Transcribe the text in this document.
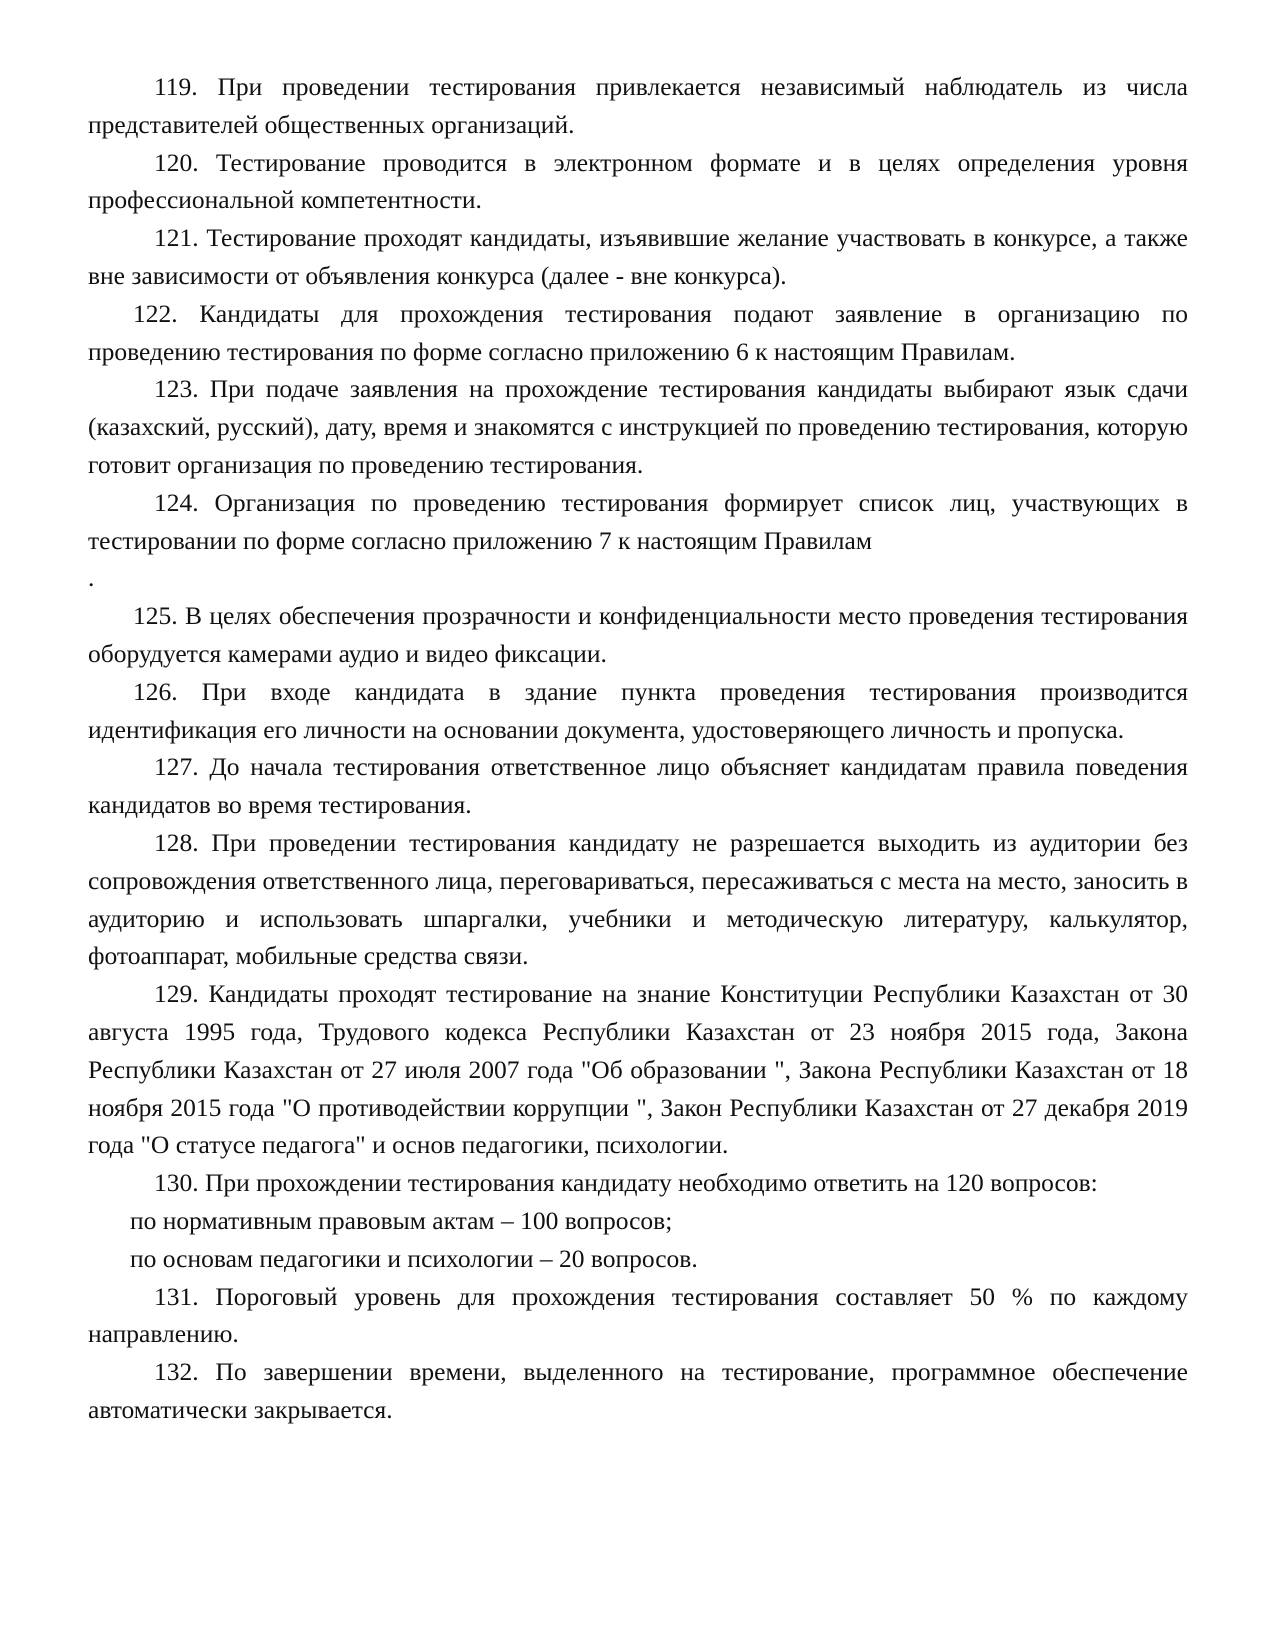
119. При проведении тестирования привлекается независимый наблюдатель из числа представителей общественных организаций.

120. Тестирование проводится в электронном формате и в целях определения уровня профессиональной компетентности.

121. Тестирование проходят кандидаты, изъявившие желание участвовать в конкурсе, а также вне зависимости от объявления конкурса (далее - вне конкурса).

122. Кандидаты для прохождения тестирования подают заявление в организацию по проведению тестирования по форме согласно приложению 6 к настоящим Правилам.

123. При подаче заявления на прохождение тестирования кандидаты выбирают язык сдачи (казахский, русский), дату, время и знакомятся с инструкцией по проведению тестирования, которую готовит организация по проведению тестирования.

124. Организация по проведению тестирования формирует список лиц, участвующих в тестировании по форме согласно приложению 7 к настоящим Правилам

.

125. В целях обеспечения прозрачности и конфиденциальности место проведения тестирования оборудуется камерами аудио и видео фиксации.

126. При входе кандидата в здание пункта проведения тестирования производится идентификация его личности на основании документа, удостоверяющего личность и пропуска.

127. До начала тестирования ответственное лицо объясняет кандидатам правила поведения кандидатов во время тестирования.

128. При проведении тестирования кандидату не разрешается выходить из аудитории без сопровождения ответственного лица, переговариваться, пересаживаться с места на место, заносить в аудиторию и использовать шпаргалки, учебники и методическую литературу, калькулятор, фотоаппарат, мобильные средства связи.

129. Кандидаты проходят тестирование на знание Конституции Республики Казахстан от 30 августа 1995 года, Трудового кодекса Республики Казахстан от 23 ноября 2015 года, Закона Республики Казахстан от 27 июля 2007 года "Об образовании ", Закона Республики Казахстан от 18 ноября 2015 года "О противодействии коррупции ", Закон Республики Казахстан от 27 декабря 2019 года "О статусе педагога" и основ педагогики, психологии.

130. При прохождении тестирования кандидату необходимо ответить на 120 вопросов:

по нормативным правовым актам – 100 вопросов;

по основам педагогики и психологии – 20 вопросов.

131. Пороговый уровень для прохождения тестирования составляет 50 % по каждому направлению.

132. По завершении времени, выделенного на тестирование, программное обеспечение автоматически закрывается.
